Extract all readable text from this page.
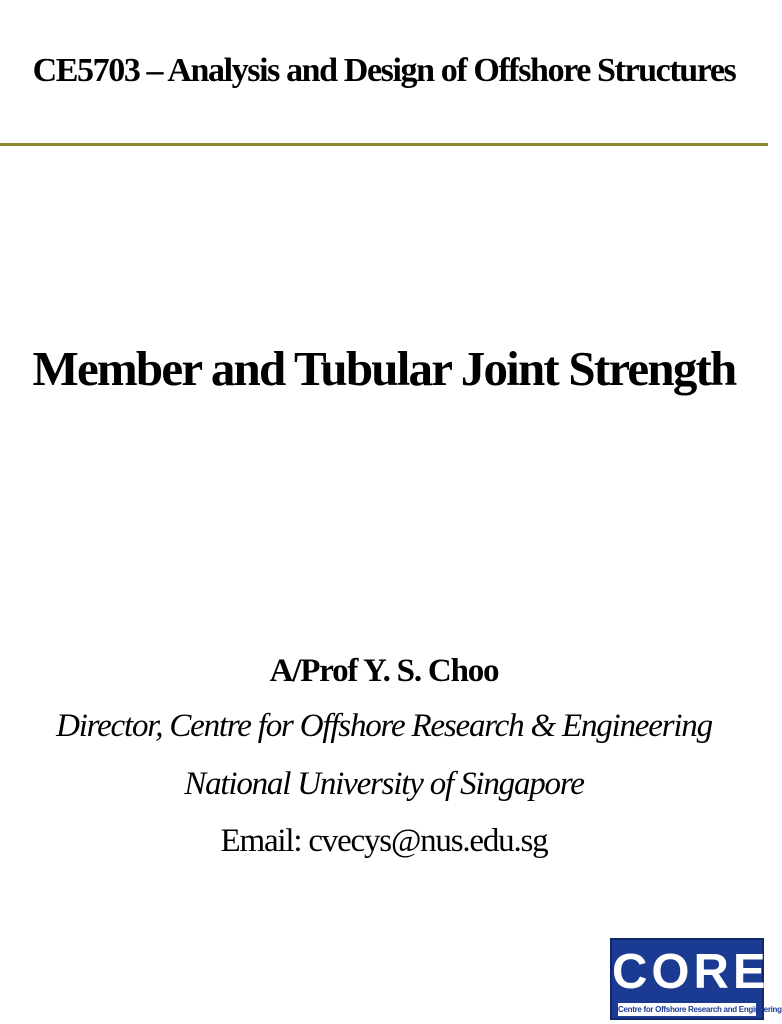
CE5703 – Analysis and Design of Offshore Structures
Member and Tubular Joint Strength
A/Prof Y. S. Choo
Director, Centre for Offshore Research & Engineering
National University of Singapore
Email: cvecys@nus.edu.sg
CORE
Centre for Offshore Research and Engineering
